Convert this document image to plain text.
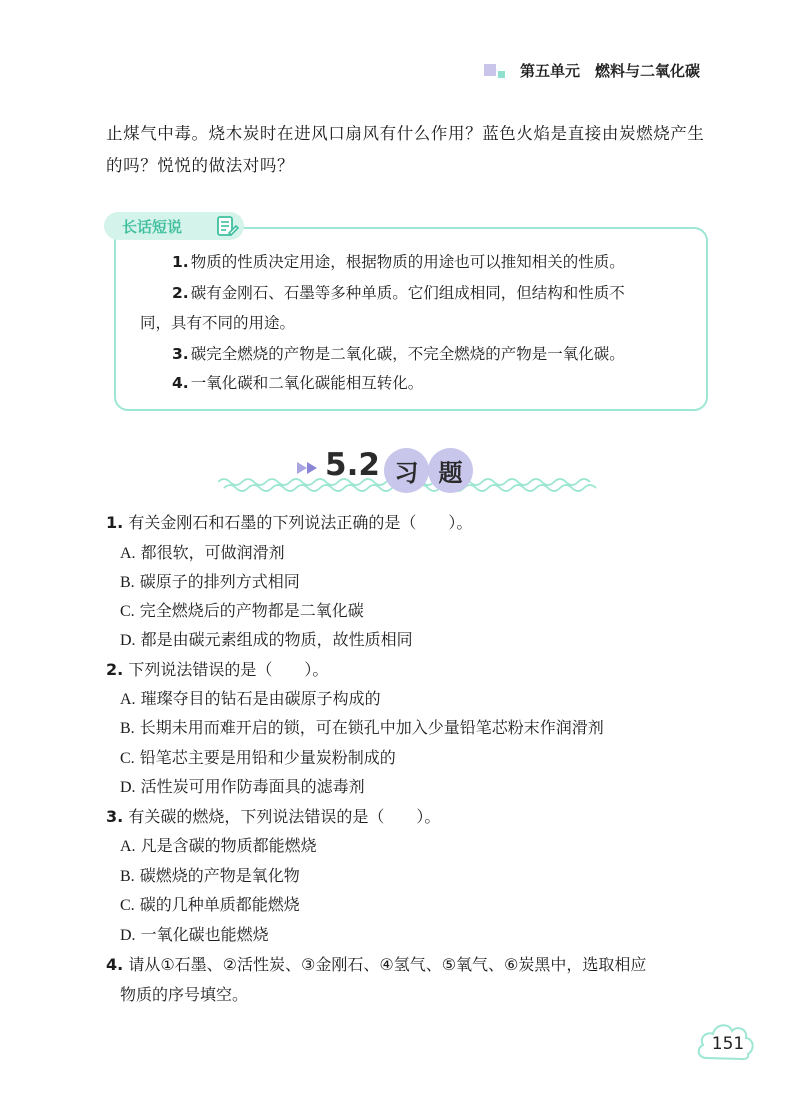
第五单元　 燃料与二氧化碳

止煤气中毒。烧木炭时在进风口扇风有什么作用？蓝色火焰是直接由炭燃烧产生

的吗？悦悦的做法对吗？

长话短说
1. 物质的性质决定用途，根据物质的用途也可以推知相关的性质。
2. 碳有金刚石、石墨等多种单质。它们组成相同，但结构和性质不
同，具有不同的用途。
3. 碳完全燃烧的产物是二氧化碳，不完全燃烧的产物是一氧化碳。
4. 一氧化碳和二氧化碳能相互转化。
5.2 习 题
1. 有关金刚石和石墨的下列说法正确的是（　　）。
A. 都很软，可做润滑剂
B. 碳原子的排列方式相同
C. 完全燃烧后的产物都是二氧化碳
D. 都是由碳元素组成的物质，故性质相同
2. 下列说法错误的是（　　）。
A. 璀璨夺目的钻石是由碳原子构成的
B. 长期未用而难开启的锁，可在锁孔中加入少量铅笔芯粉末作润滑剂
C. 铅笔芯主要是用铅和少量炭粉制成的
D. 活性炭可用作防毒面具的滤毒剂
3. 有关碳的燃烧，下列说法错误的是（　　）。
A. 凡是含碳的物质都能燃烧
B. 碳燃烧的产物是氧化物
C. 碳的几种单质都能燃烧
D. 一氧化碳也能燃烧
4. 请从①石墨、②活性炭、③金刚石、④氢气、⑤氧气、⑥炭黑中，选取相应
物质的序号填空。
151
